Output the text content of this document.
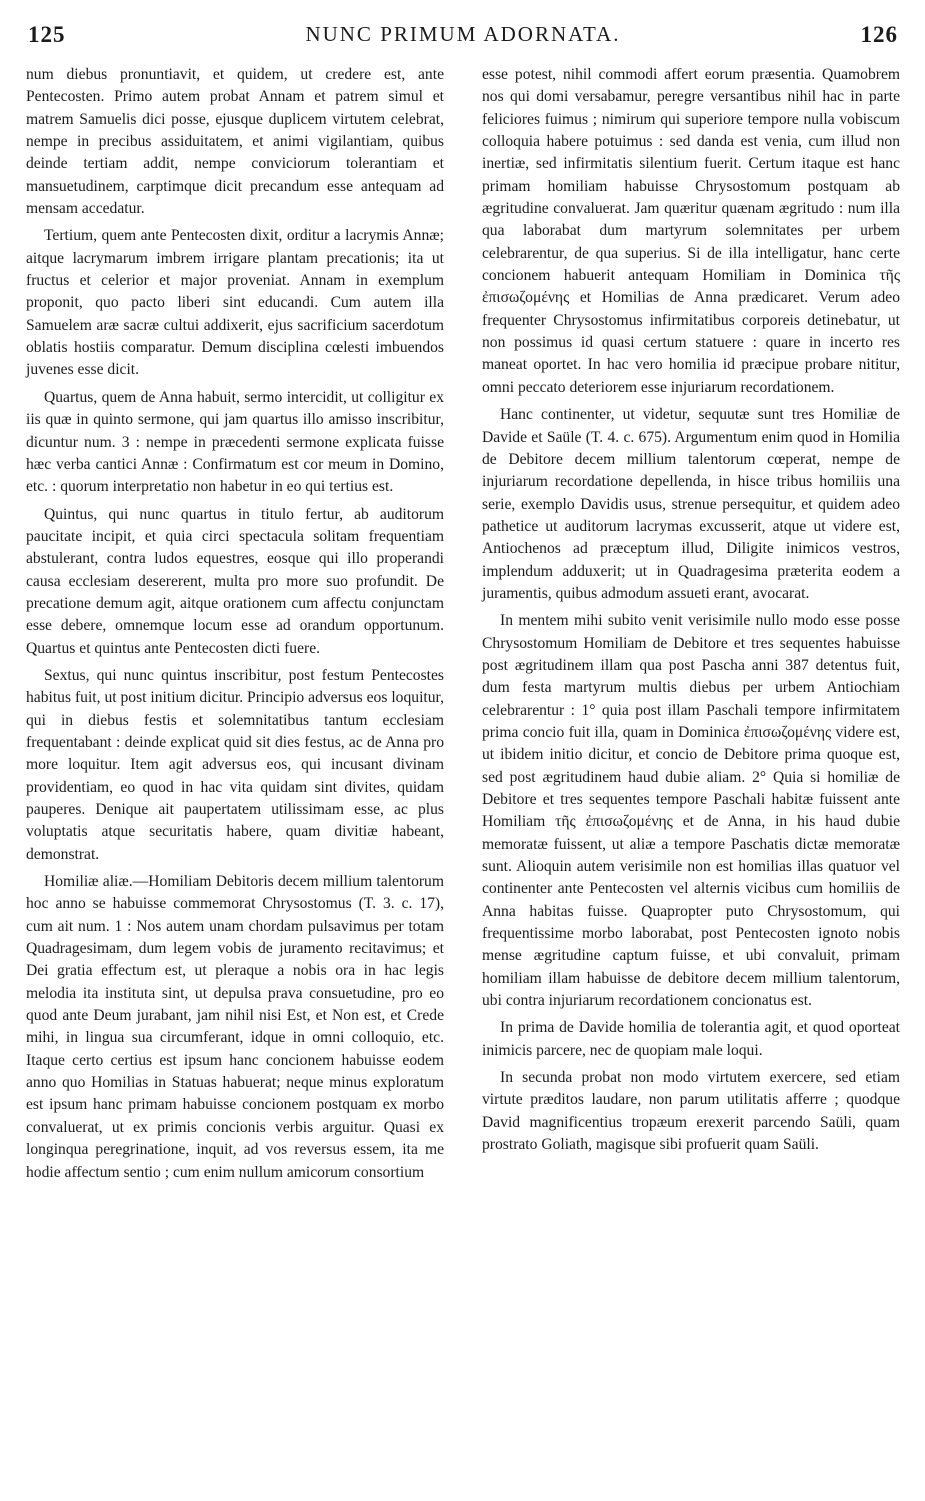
125	NUNC PRIMUM ADORNATA.	126

num diebus pronuntiavit, et quidem, ut credere est, ante Pentecosten. Primo autem probat Annam et patrem simul et matrem Samuelis dici posse, ejusque duplicem virtutem celebrat, nempe in precibus assiduitatem, et animi vigilantiam, quibus deinde tertiam addit, nempe conviciorum tolerantiam et mansuetudinem, carptimque dicit precandum esse antequam ad mensam accedatur.

Tertium, quem ante Pentecosten dixit, orditur a lacrymis Annæ; aitque lacrymarum imbrem irrigare plantam precationis; ita ut fructus et celerior et major proveniat. Annam in exemplum proponit, quo pacto liberi sint educandi. Cum autem illa Samuelem aræ sacræ cultui addixerit, ejus sacrificium sacerdotum oblatis hostiis comparatur. Demum disciplina cœlesti imbuendos juvenes esse dicit.

Quartus, quem de Anna habuit, sermo intercidit, ut colligitur ex iis quæ in quinto sermone, qui jam quartus illo amisso inscribitur, dicuntur num. 3 : nempe in præcedenti sermone explicata fuisse hæc verba cantici Annæ : Confirmatum est cor meum in Domino, etc. : quorum interpretatio non habetur in eo qui tertius est.

Quintus, qui nunc quartus in titulo fertur, ab auditorum paucitate incipit, et quia circi spectacula solitam frequentiam abstulerant, contra ludos equestres, eosque qui illo properandi causa ecclesiam desererent, multa pro more suo profundit. De precatione demum agit, aitque orationem cum affectu conjunctam esse debere, omnemque locum esse ad orandum opportunum. Quartus et quintus ante Pentecosten dicti fuere.

Sextus, qui nunc quintus inscribitur, post festum Pentecostes habitus fuit, ut post initium dicitur. Principio adversus eos loquitur, qui in diebus festis et solemnitatibus tantum ecclesiam frequentabant : deinde explicat quid sit dies festus, ac de Anna pro more loquitur. Item agit adversus eos, qui incusant divinam providentiam, eo quod in hac vita quidam sint divites, quidam pauperes. Denique ait paupertatem utilissimam esse, ac plus voluptatis atque securitatis habere, quam divitiæ habeant, demonstrat.

Homiliæ aliæ.—Homiliam Debitoris decem millium talentorum hoc anno se habuisse commemorat Chrysostomus (T. 3. c. 17), cum ait num. 1 : Nos autem unam chordam pulsavimus per totam Quadragesimam, dum legem vobis de juramento recitavimus; et Dei gratia effectum est, ut pleraque a nobis ora in hac legis melodia ita instituta sint, ut depulsa prava consuetudine, pro eo quod ante Deum jurabant, jam nihil nisi Est, et Non est, et Crede mihi, in lingua sua circumferant, idque in omni colloquio, etc. Itaque certo certius est ipsum hanc concionem habuisse eodem anno quo Homilias in Statuas habuerat; neque minus exploratum est ipsum hanc primam habuisse concionem postquam ex morbo convaluerat, ut ex primis concionis verbis arguitur. Quasi ex longinqua peregrinatione, inquit, ad vos reversus essem, ita me hodie affectum sentio ; cum enim nullum amicorum consortium

esse potest, nihil commodi affert eorum præsentia. Quamobrem nos qui domi versabamur, peregre versantibus nihil hac in parte feliciores fuimus ; nimirum qui superiore tempore nulla vobiscum colloquia habere potuimus : sed danda est venia, cum illud non inertiæ, sed infirmitatis silentium fuerit. Certum itaque est hanc primam homiliam habuisse Chrysostomum postquam ab ægritudine convaluerat. Jam quæritur quænam ægritudo : num illa qua laborabat dum martyrum solemnitates per urbem celebrarentur, de qua superius. Si de illa intelligatur, hanc certe concionem habuerit antequam Homiliam in Dominica τῆς ἐπισωζομένης et Homilias de Anna prædicaret. Verum adeo frequenter Chrysostomus infirmitatibus corporeis detinebatur, ut non possimus id quasi certum statuere : quare in incerto res maneat oportet. In hac vero homilia id præcipue probare nititur, omni peccato deteriorem esse injuriarum recordationem.

Hanc continenter, ut videtur, sequutæ sunt tres Homiliæ de Davide et Saüle (T. 4. c. 675). Argumentum enim quod in Homilia de Debitore decem millium talentorum cœperat, nempe de injuriarum recordatione depellenda, in hisce tribus homiliis una serie, exemplo Davidis usus, strenue persequitur, et quidem adeo pathetice ut auditorum lacrymas excusserit, atque ut videre est, Antiochenos ad præceptum illud, Diligite inimicos vestros, implendum adduxerit; ut in Quadragesima præterita eodem a juramentis, quibus admodum assueti erant, avocarat.

In mentem mihi subito venit verisimile nullo modo esse posse Chrysostomum Homiliam de Debitore et tres sequentes habuisse post ægritudinem illam qua post Pascha anni 387 detentus fuit, dum festa martyrum multis diebus per urbem Antiochiam celebrarentur : 1° quia post illam Paschali tempore infirmitatem prima concio fuit illa, quam in Dominica ἐπισωζομένης videre est, ut ibidem initio dicitur, et concio de Debitore prima quoque est, sed post ægritudinem haud dubie aliam. 2° Quia si homiliæ de Debitore et tres sequentes tempore Paschali habitæ fuissent ante Homiliam τῆς ἐπισωζομένης et de Anna, in his haud dubie memoratæ fuissent, ut aliæ a tempore Paschatis dictæ memoratæ sunt. Alioquin autem verisimile non est homilias illas quatuor vel continenter ante Pentecosten vel alternis vicibus cum homiliis de Anna habitas fuisse. Quapropter puto Chrysostomum, qui frequentissime morbo laborabat, post Pentecosten ignoto nobis mense ægritudine captum fuisse, et ubi convaluit, primam homiliam illam habuisse de debitore decem millium talentorum, ubi contra injuriarum recordationem concionatus est.

In prima de Davide homilia de tolerantia agit, et quod oporteat inimicis parcere, nec de quopiam male loqui.

In secunda probat non modo virtutem exercere, sed etiam virtute præditos laudare, non parum utilitatis afferre ; quodque David magnificentius tropæum erexerit parcendo Saüli, quam prostrato Goliath, magisque sibi profuerit quam Saüli.
